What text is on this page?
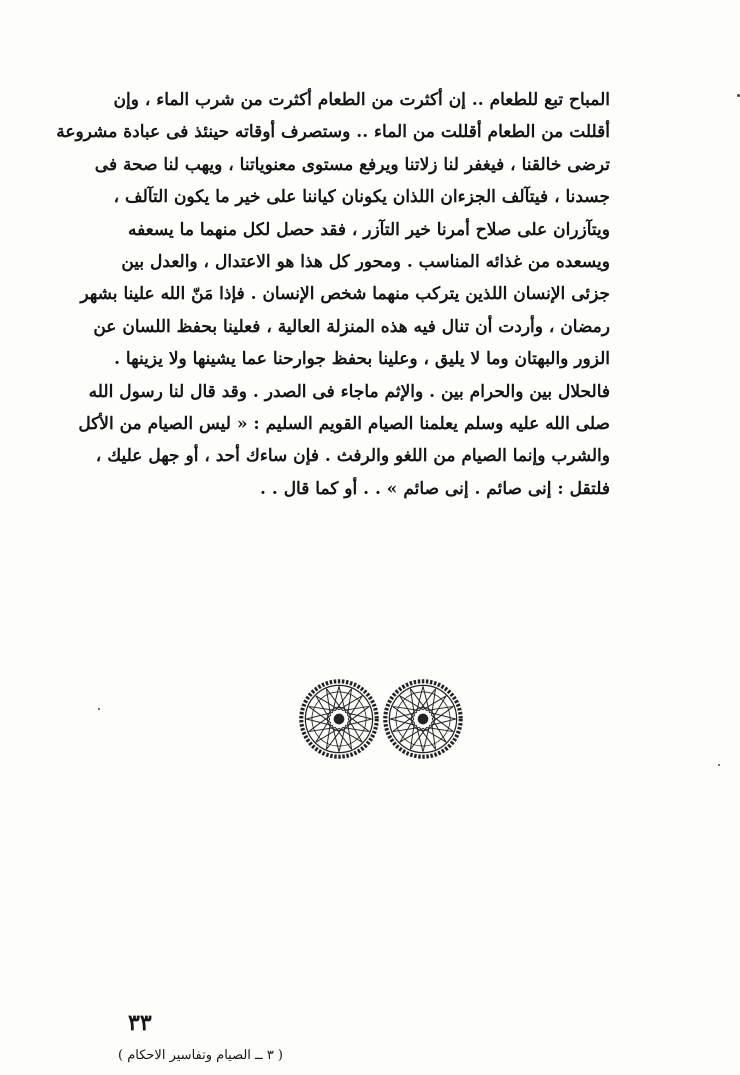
المباح تبع للطعام .. إن أكثرت من الطعام أكثرت من شرب الماء ، وإن
أقللت من الطعام أقللت من الماء .. وستصرف أوقاته حينئذ فى عبادة مشروعة
ترضى خالقنا ، فيغفر لنا زلاتنا ويرفع مستوى معنوياتنا ، ويهب لنا صحة فى
جسدنا ، فيتآلف الجزءان اللذان يكونان كياننا على خير ما يكون التآلف ،
ويتآزران على صلاح أمرنا خير التآزر ، فقد حصل لكل منهما ما يسعفه
ويسعده من غذائه المناسب . ومحور كل هذا هو الاعتدال ، والعدل بين
جزئى الإنسان اللذين يتركب منهما شخص الإنسان . فإذا مَنّ الله علينا بشهر
رمضان ، وأردت أن تنال فيه هذه المنزلة العالية ، فعلينا بحفظ اللسان عن
الزور والبهتان وما لا يليق ، وعلينا بحفظ جوارحنا عما يشينها ولا يزينها .
فالحلال بين والحرام بين . والإثم ماجاء فى الصدر . وقد قال لنا رسول الله
صلى الله عليه وسلم يعلمنا الصيام القويم السليم : « ليس الصيام من الأكل
والشرب وإنما الصيام من اللغو والرفث . فإن ساءك أحد ، أو جهل عليك ،
فلتقل : إنى صائم . إنى صائم » . . أو كما قال . .
٣٣
( ٣ ــ الصيام وتفاسير الاحكام )
